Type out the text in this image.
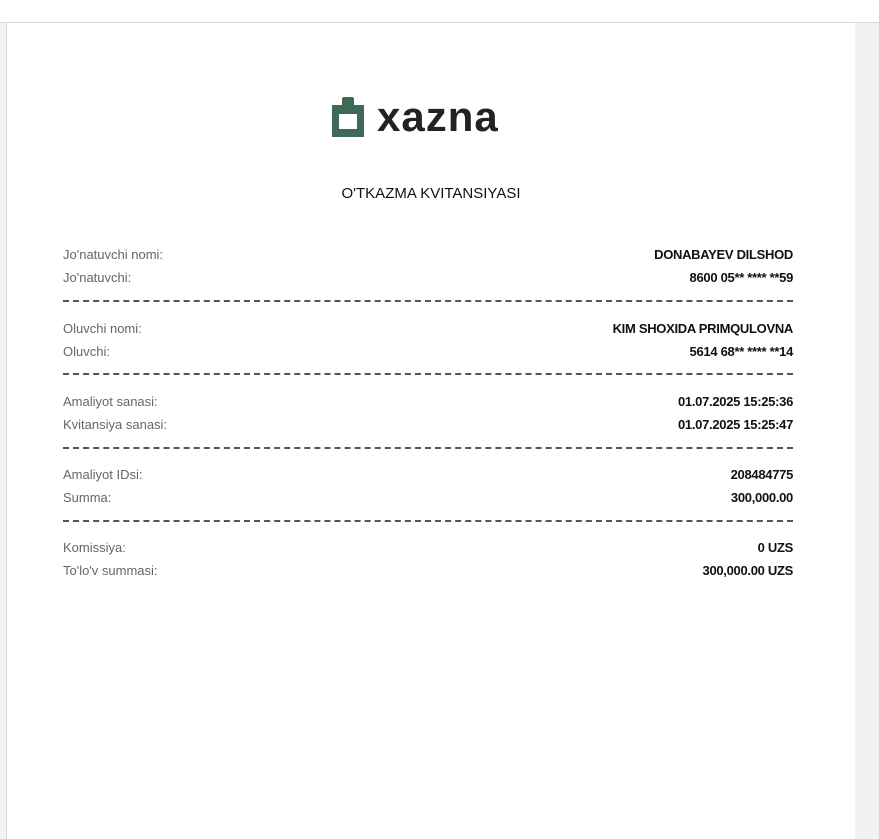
xazna
O'TKAZMA KVITANSIYASI
Jo'natuvchi nomi:	DONABAYEV DILSHOD
Jo'natuvchi:	8600 05** **** **59
Oluvchi nomi:	KIM SHOXIDA PRIMQULOVNA
Oluvchi:	5614 68** **** **14
Amaliyot sanasi:	01.07.2025 15:25:36
Kvitansiya sanasi:	01.07.2025 15:25:47
Amaliyot IDsi:	208484775
Summa:	300,000.00
Komissiya:	0 UZS
To'lo'v summasi:	300,000.00 UZS
